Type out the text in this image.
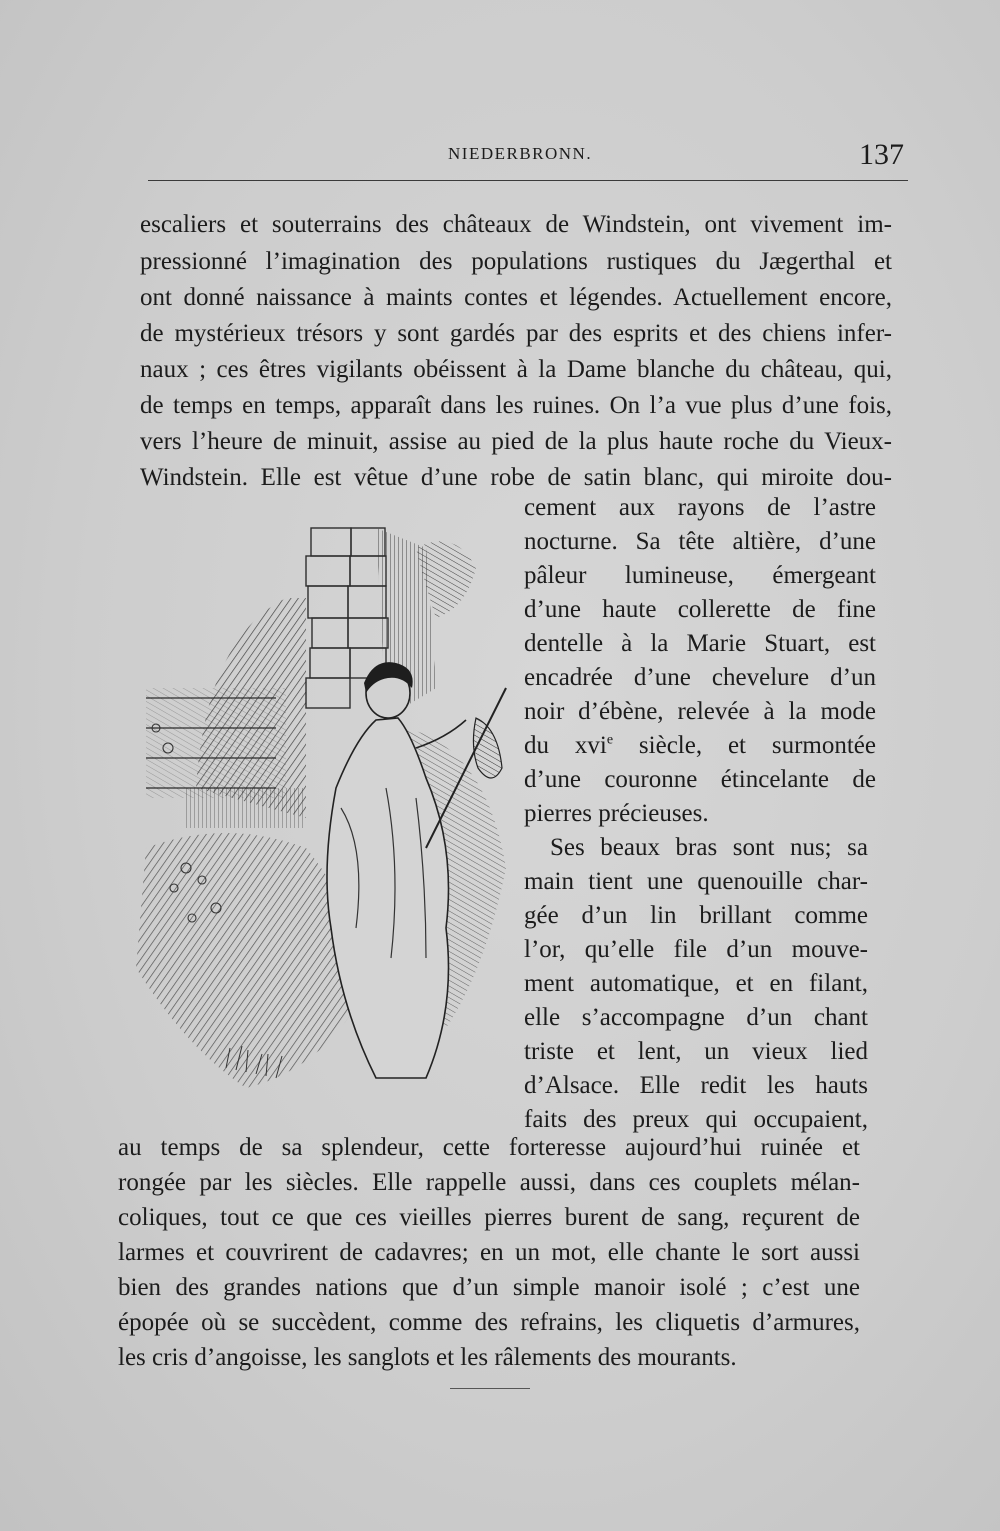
NIEDERBRONN.	137
escaliers et souterrains des châteaux de Windstein, ont vivement im-
pressionné l’imagination des populations rustiques du Jægerthal et
ont donné naissance à maints contes et légendes. Actuellement encore,
de mystérieux trésors y sont gardés par des esprits et des chiens infer-
naux ; ces êtres vigilants obéissent à la Dame blanche du château, qui,
de temps en temps, apparaît dans les ruines. On l’a vue plus d’une fois,
vers l’heure de minuit, assise au pied de la plus haute roche du Vieux-
Windstein. Elle est vêtue d’une robe de satin blanc, qui miroite dou-
cement aux rayons de l’astre
nocturne. Sa tête altière, d’une
pâleur lumineuse, émergeant
d’une haute collerette de fine
dentelle à la Marie Stuart, est
encadrée d’une chevelure d’un
noir d’ébène, relevée à la mode
du xvi$^e$ siècle, et surmontée
d’une couronne étincelante de
pierres précieuses.
Ses beaux bras sont nus; sa
main tient une quenouille char-
gée d’un lin brillant comme
l’or, qu’elle file d’un mouve-
ment automatique, et en filant,
elle s’accompagne d’un chant
triste et lent, un vieux lied
d’Alsace. Elle redit les hauts
faits des preux qui occupaient,
au temps de sa splendeur, cette forteresse aujourd’hui ruinée et
rongée par les siècles. Elle rappelle aussi, dans ces couplets mélan-
coliques, tout ce que ces vieilles pierres burent de sang, reçurent de
larmes et couvrirent de cadavres; en un mot, elle chante le sort aussi
bien des grandes nations que d’un simple manoir isolé ; c’est une
épopée où se succèdent, comme des refrains, les cliquetis d’armures,
les cris d’angoisse, les sanglots et les râlements des mourants.
